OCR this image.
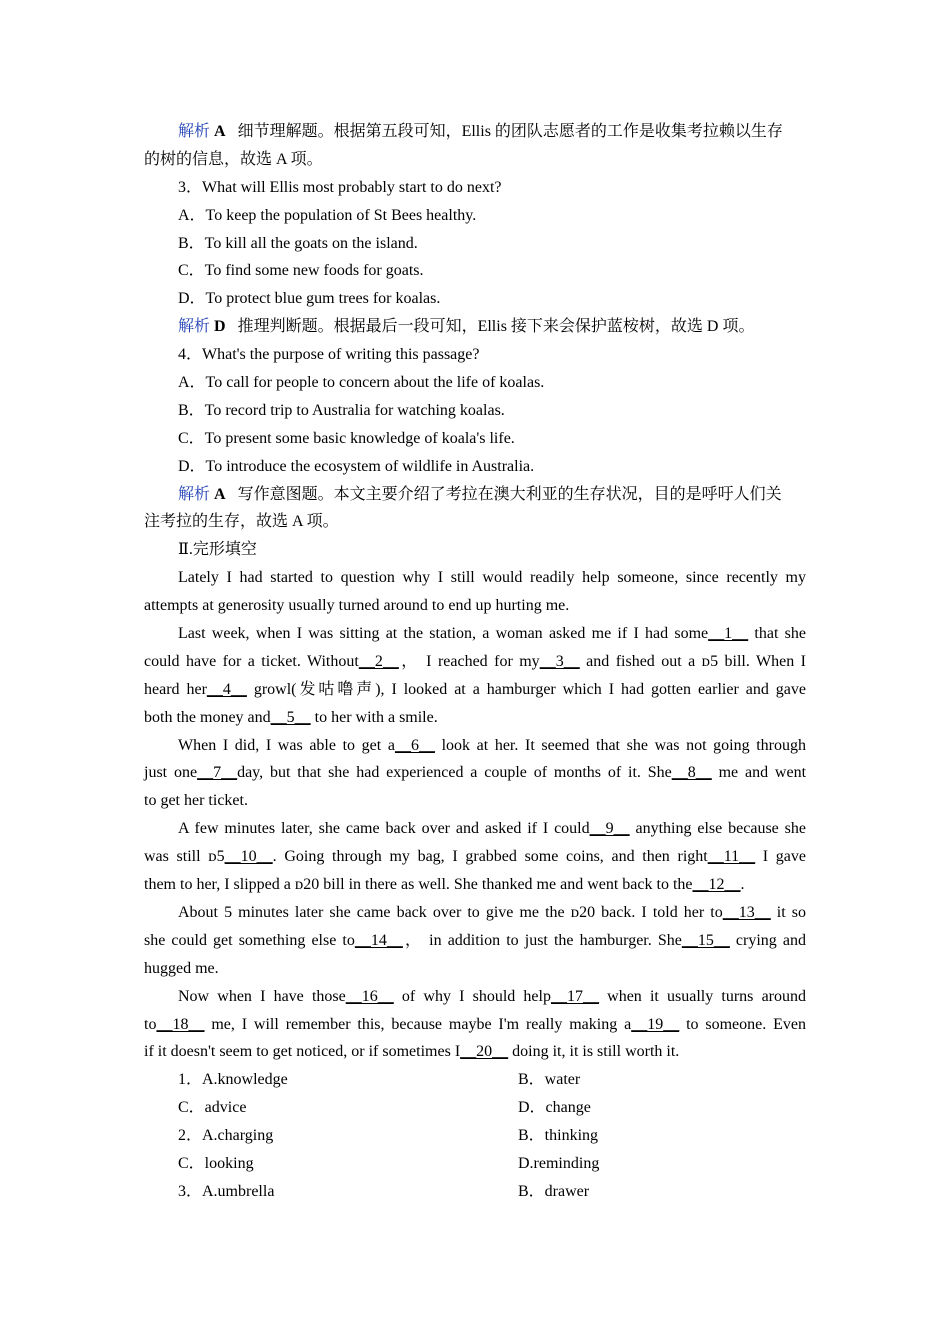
解析 A 细节理解题。根据第五段可知，Ellis 的团队志愿者的工作是收集考拉赖以生存
的树的信息，故选 A 项。
3．What will Ellis most probably start to do next?
A．To keep the population of St Bees healthy.
B．To kill all the goats on the island.
C．To find some new foods for goats.
D．To protect blue gum trees for koalas.
解析 D 推理判断题。根据最后一段可知，Ellis 接下来会保护蓝桉树，故选 D 项。
4．What's the purpose of writing this passage?
A．To call for people to concern about the life of koalas.
B．To record trip to Australia for watching koalas.
C．To present some basic knowledge of koala's life.
D．To introduce the ecosystem of wildlife in Australia.
解析 A 写作意图题。本文主要介绍了考拉在澳大利亚的生存状况，目的是呼吁人们关
注考拉的生存，故选 A 项。
Ⅱ.完形填空
Lately I had started to question why I still would readily help someone, since recently my
attempts at generosity usually turned around to end up hurting me.
Last week, when I was sitting at the station, a woman asked me if I had some__1__ that she
could have for a ticket. Without__2__， I reached for my__3__ and fished out a ᴅ5 bill. When I
heard her__4__ growl(发咕噜声), I looked at a hamburger which I had gotten earlier and gave
both the money and__5__ to her with a smile.
When I did, I was able to get a__6__ look at her. It seemed that she was not going through
just one__7__day, but that she had experienced a couple of months of it. She__8__ me and went
to get her ticket.
A few minutes later, she came back over and asked if I could__9__ anything else because she
was still ᴅ5__10__. Going through my bag, I grabbed some coins, and then right__11__ I gave
them to her, I slipped a ᴅ20 bill in there as well. She thanked me and went back to the__12__.
About 5 minutes later she came back over to give me the ᴅ20 back. I told her to__13__ it so
she could get something else to__14__， in addition to just the hamburger. She__15__ crying and
hugged me.
Now when I have those__16__ of why I should help__17__ when it usually turns around
to__18__ me, I will remember this, because maybe I'm really making a__19__ to someone. Even
if it doesn't seem to get noticed, or if sometimes I__20__ doing it, it is still worth it.
1．A.knowledge	B．water
C．advice	D．change
2．A.charging	B．thinking
C．looking	D.reminding
3．A.umbrella	B．drawer
